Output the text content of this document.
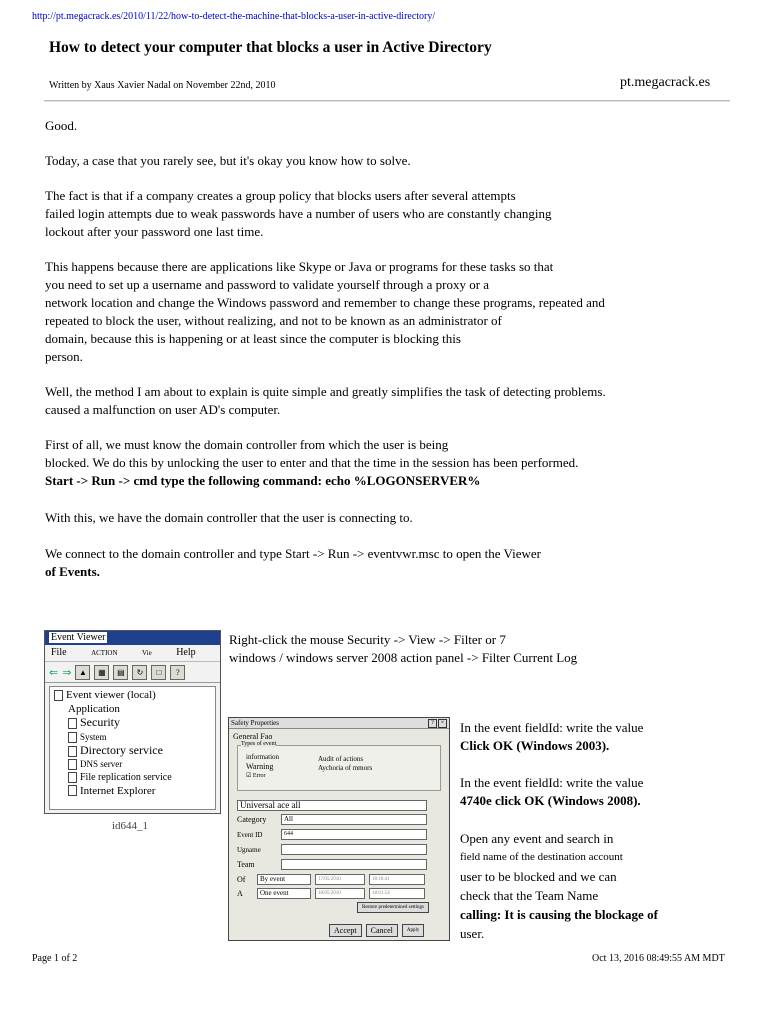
http://pt.megacrack.es/2010/11/22/how-to-detect-the-machine-that-blocks-a-user-in-active-directory/
How to detect your computer that blocks a user in Active Directory
Written by Xaus Xavier Nadal on November 22nd, 2010	pt.megacrack.es
Good.
Today, a case that you rarely see, but it's okay you know how to solve.
The fact is that if a company creates a group policy that blocks users after several attempts
failed login attempts due to weak passwords have a number of users who are constantly changing
lockout after your password one last time.
This happens because there are applications like Skype or Java or programs for these tasks so that
you need to set up a username and password to validate yourself through a proxy or a
network location and change the Windows password and remember to change these programs, repeated and
repeated to block the user, without realizing, and not to be known as an administrator of
domain, because this is happening or at least since the computer is blocking this
person.
Well, the method I am about to explain is quite simple and greatly simplifies the task of detecting problems.
caused a malfunction on user AD's computer.
First of all, we must know the domain controller from which the user is being
blocked. We do this by unlocking the user to enter and that the time in the session has been performed.
Start -> Run -> cmd type the following command: echo %LOGONSERVER%
With this, we have the domain controller that the user is connecting to.
We connect to the domain controller and type Start -> Run -> eventvwr.msc to open the Viewer
of Events.
Event Viewer
File	ACTION	Vie Help
⇐ ⇒ ▲	▦	▤	↻	□	?
Event viewer (local)
Application
Security
System
Directory service
DNS server
File replication service
Internet Explorer
id644_1
Right-click the mouse Security -> View -> Filter or 7
windows / windows server 2008 action panel -> Filter Current Log
Safety Properties	?	×
General Fao
Types of event
information
Warning
☑ Error
Audit of actions
Aychoria of mmors
Universal ace all
Category	All
Event ID	644
Ugname
Team
Of	By event	17/05/2010	18:18:41
A	One event	18/05/2010	18:01:54
Restore predetermined settings
Accept	Cancel	Apply
In the event fieldId: write the value
Click OK (Windows 2003).
In the event fieldId: write the value
4740e click OK (Windows 2008).
Open any event and search in
field name of the destination account
user to be blocked and we can
check that the Team Name
calling: It is causing the blockage of
user.
Page 1 of 2	Oct 13, 2016 08:49:55 AM MDT
